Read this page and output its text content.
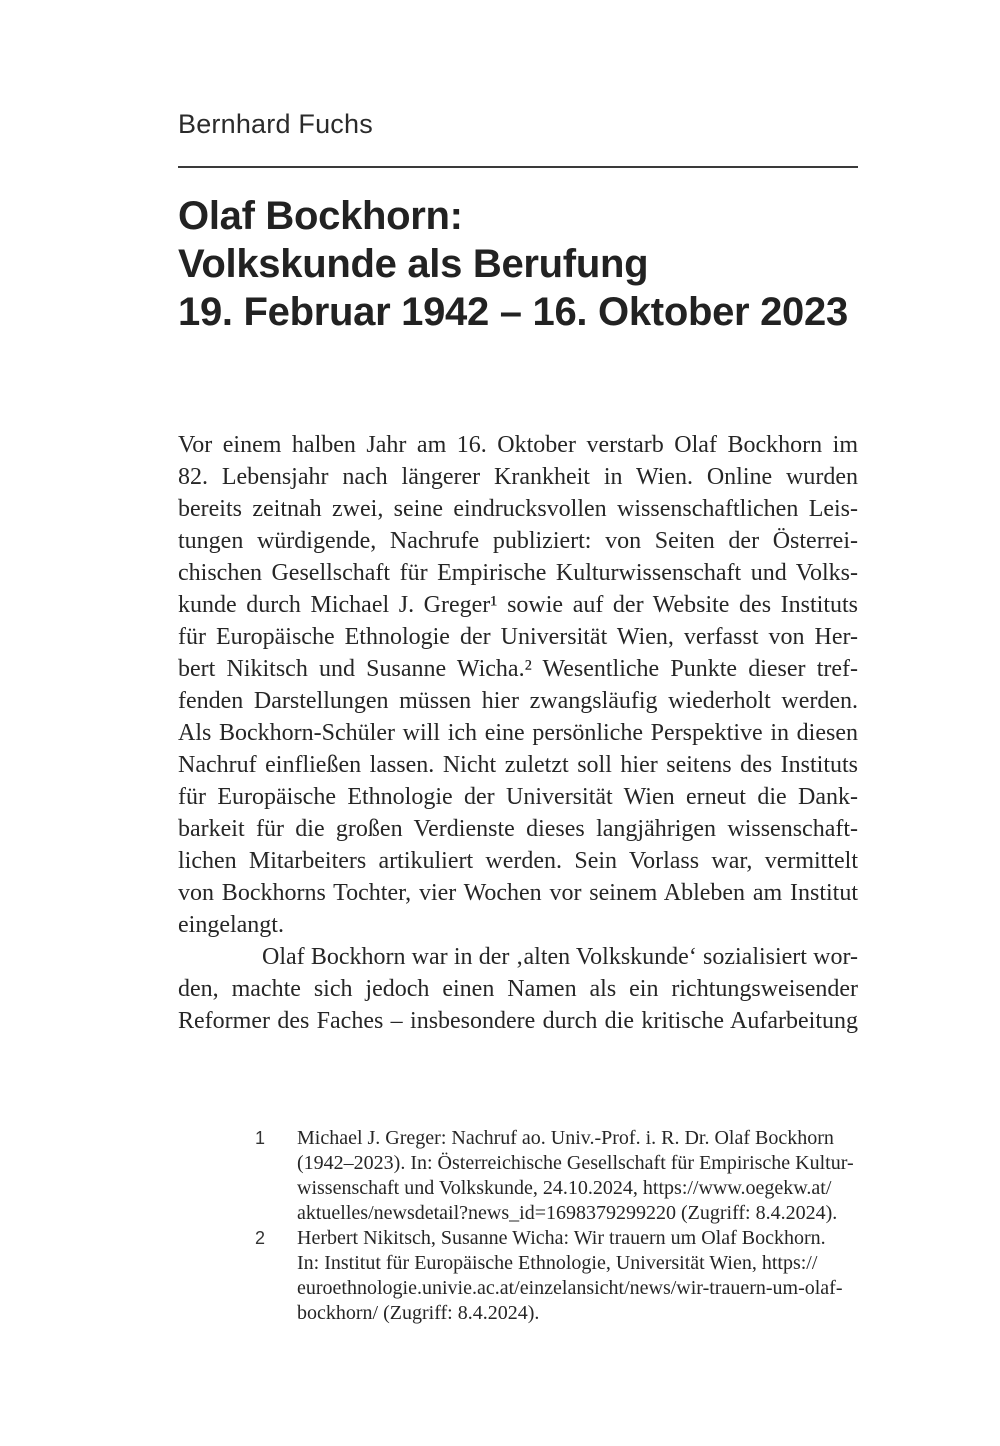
Bernhard Fuchs
Olaf Bockhorn:
Volkskunde als Berufung
19. Februar 1942 – 16. Oktober 2023
Vor einem halben Jahr am 16. Oktober verstarb Olaf Bockhorn im
82. Lebensjahr nach längerer Krankheit in Wien. Online wurden
bereits zeitnah zwei, seine eindrucksvollen wissenschaftlichen Leis-
tungen würdigende, Nachrufe publiziert: von Seiten der Österrei-
chischen Gesellschaft für Empirische Kulturwissenschaft und Volks-
kunde durch Michael J. Greger¹ sowie auf der Website des Instituts
für Europäische Ethnologie der Universität Wien, verfasst von Her-
bert Nikitsch und Susanne Wicha.² Wesentliche Punkte dieser tref-
fenden Darstellungen müssen hier zwangsläufig wiederholt werden.
Als Bockhorn-Schüler will ich eine persönliche Perspektive in diesen
Nachruf einfließen lassen. Nicht zuletzt soll hier seitens des Instituts
für Europäische Ethnologie der Universität Wien erneut die Dank-
barkeit für die großen Verdienste dieses langjährigen wissenschaft-
lichen Mitarbeiters artikuliert werden. Sein Vorlass war, vermittelt
von Bockhorns Tochter, vier Wochen vor seinem Ableben am Institut
eingelangt.
Olaf Bockhorn war in der ‚alten Volkskunde‘ sozialisiert wor-
den, machte sich jedoch einen Namen als ein richtungsweisender
Reformer des Faches – insbesondere durch die kritische Aufarbeitung
1	Michael J. Greger: Nachruf ao. Univ.-Prof. i. R. Dr. Olaf Bockhorn
(1942–2023). In: Österreichische Gesellschaft für Empirische Kultur-
wissenschaft und Volkskunde, 24.10.2024, https://www.oegekw.at/
aktuelles/newsdetail?news_id=1698379299220 (Zugriff: 8.4.2024).
2	Herbert Nikitsch, Susanne Wicha: Wir trauern um Olaf Bockhorn.
In: Institut für Europäische Ethnologie, Universität Wien, https://
euroethnologie.univie.ac.at/einzelansicht/news/wir-trauern-um-olaf-
bockhorn/ (Zugriff: 8.4.2024).
